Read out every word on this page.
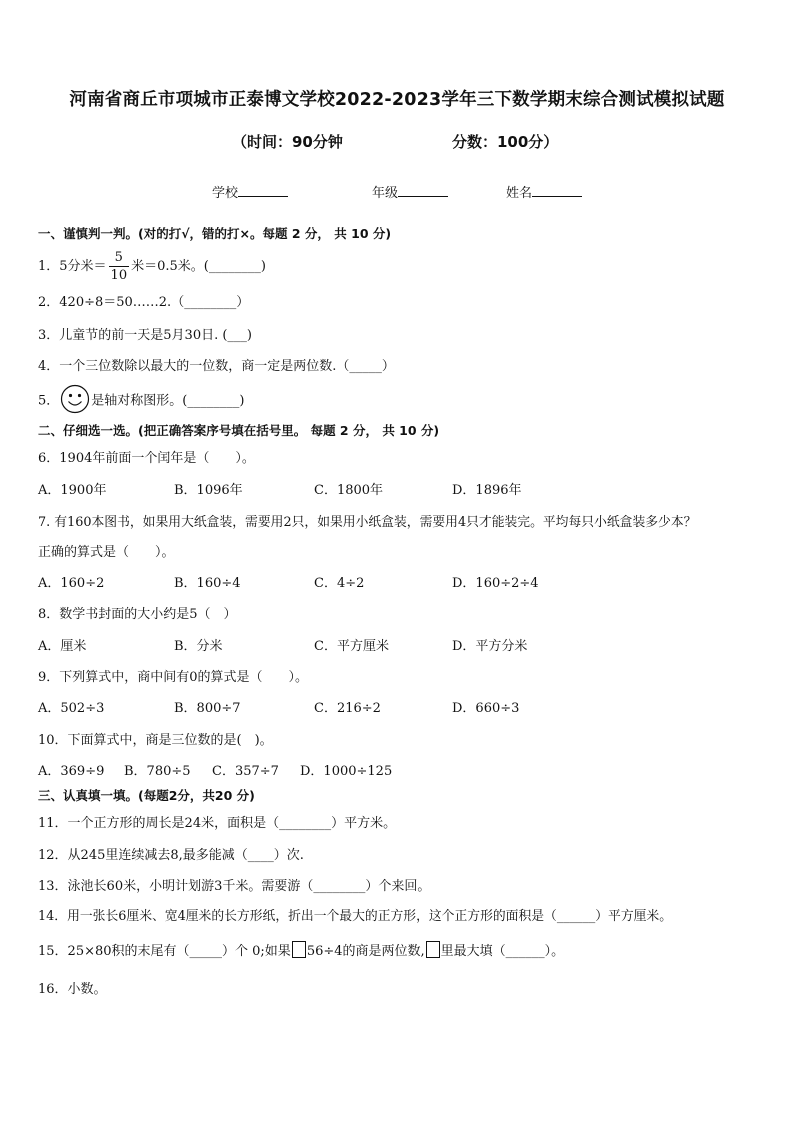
河南省商丘市项城市正泰博文学校2022-2023学年三下数学期末综合测试模拟试题
（时间：90分钟	分数：100分）
学校	年级	姓名
一、谨慎判一判。(对的打√，错的打×。每题 2 分， 共 10 分)
1．5分米＝ $\frac{5}{10}$ 米＝0.5米。(________)
2．420÷8＝50……2.（________）
3．儿童节的前一天是5月30日. (___)
4．一个三位数除以最大的一位数，商一定是两位数.（_____）
5． 是轴对称图形。(________)
二、仔细选一选。(把正确答案序号填在括号里。 每题 2 分， 共 10 分)
6．1904年前面一个闰年是（　　）。
A．1900年	B．1096年	C．1800年	D．1896年
7. 有160本图书，如果用大纸盒装，需要用2只，如果用小纸盒装，需要用4只才能装完。平均每只小纸盒装多少本？
正确的算式是（　　）。
A．160÷2	B．160÷4	C．4÷2	D．160÷2÷4
8．数学书封面的大小约是5（　）
A．厘米	B．分米	C．平方厘米	D．平方分米
9．下列算式中，商中间有0的算式是（　　）。
A．502÷3	B．800÷7	C．216÷2	D．660÷3
10．下面算式中，商是三位数的是(　)。
A．369÷9 B．780÷5 C．357÷7 D．1000÷125
三、认真填一填。(每题2分，共20 分)
11．一个正方形的周长是24米，面积是（________）平方米。
12．从245里连续减去8,最多能减（____）次.
13．泳池长60米，小明计划游3千米。需要游（________）个来回。
14．用一张长6厘米、宽4厘米的长方形纸，折出一个最大的正方形，这个正方形的面积是（______）平方厘米。
15．25×80积的末尾有（_____）个 0;如果 56÷4的商是两位数, 里最大填（______）。
16．小数。
